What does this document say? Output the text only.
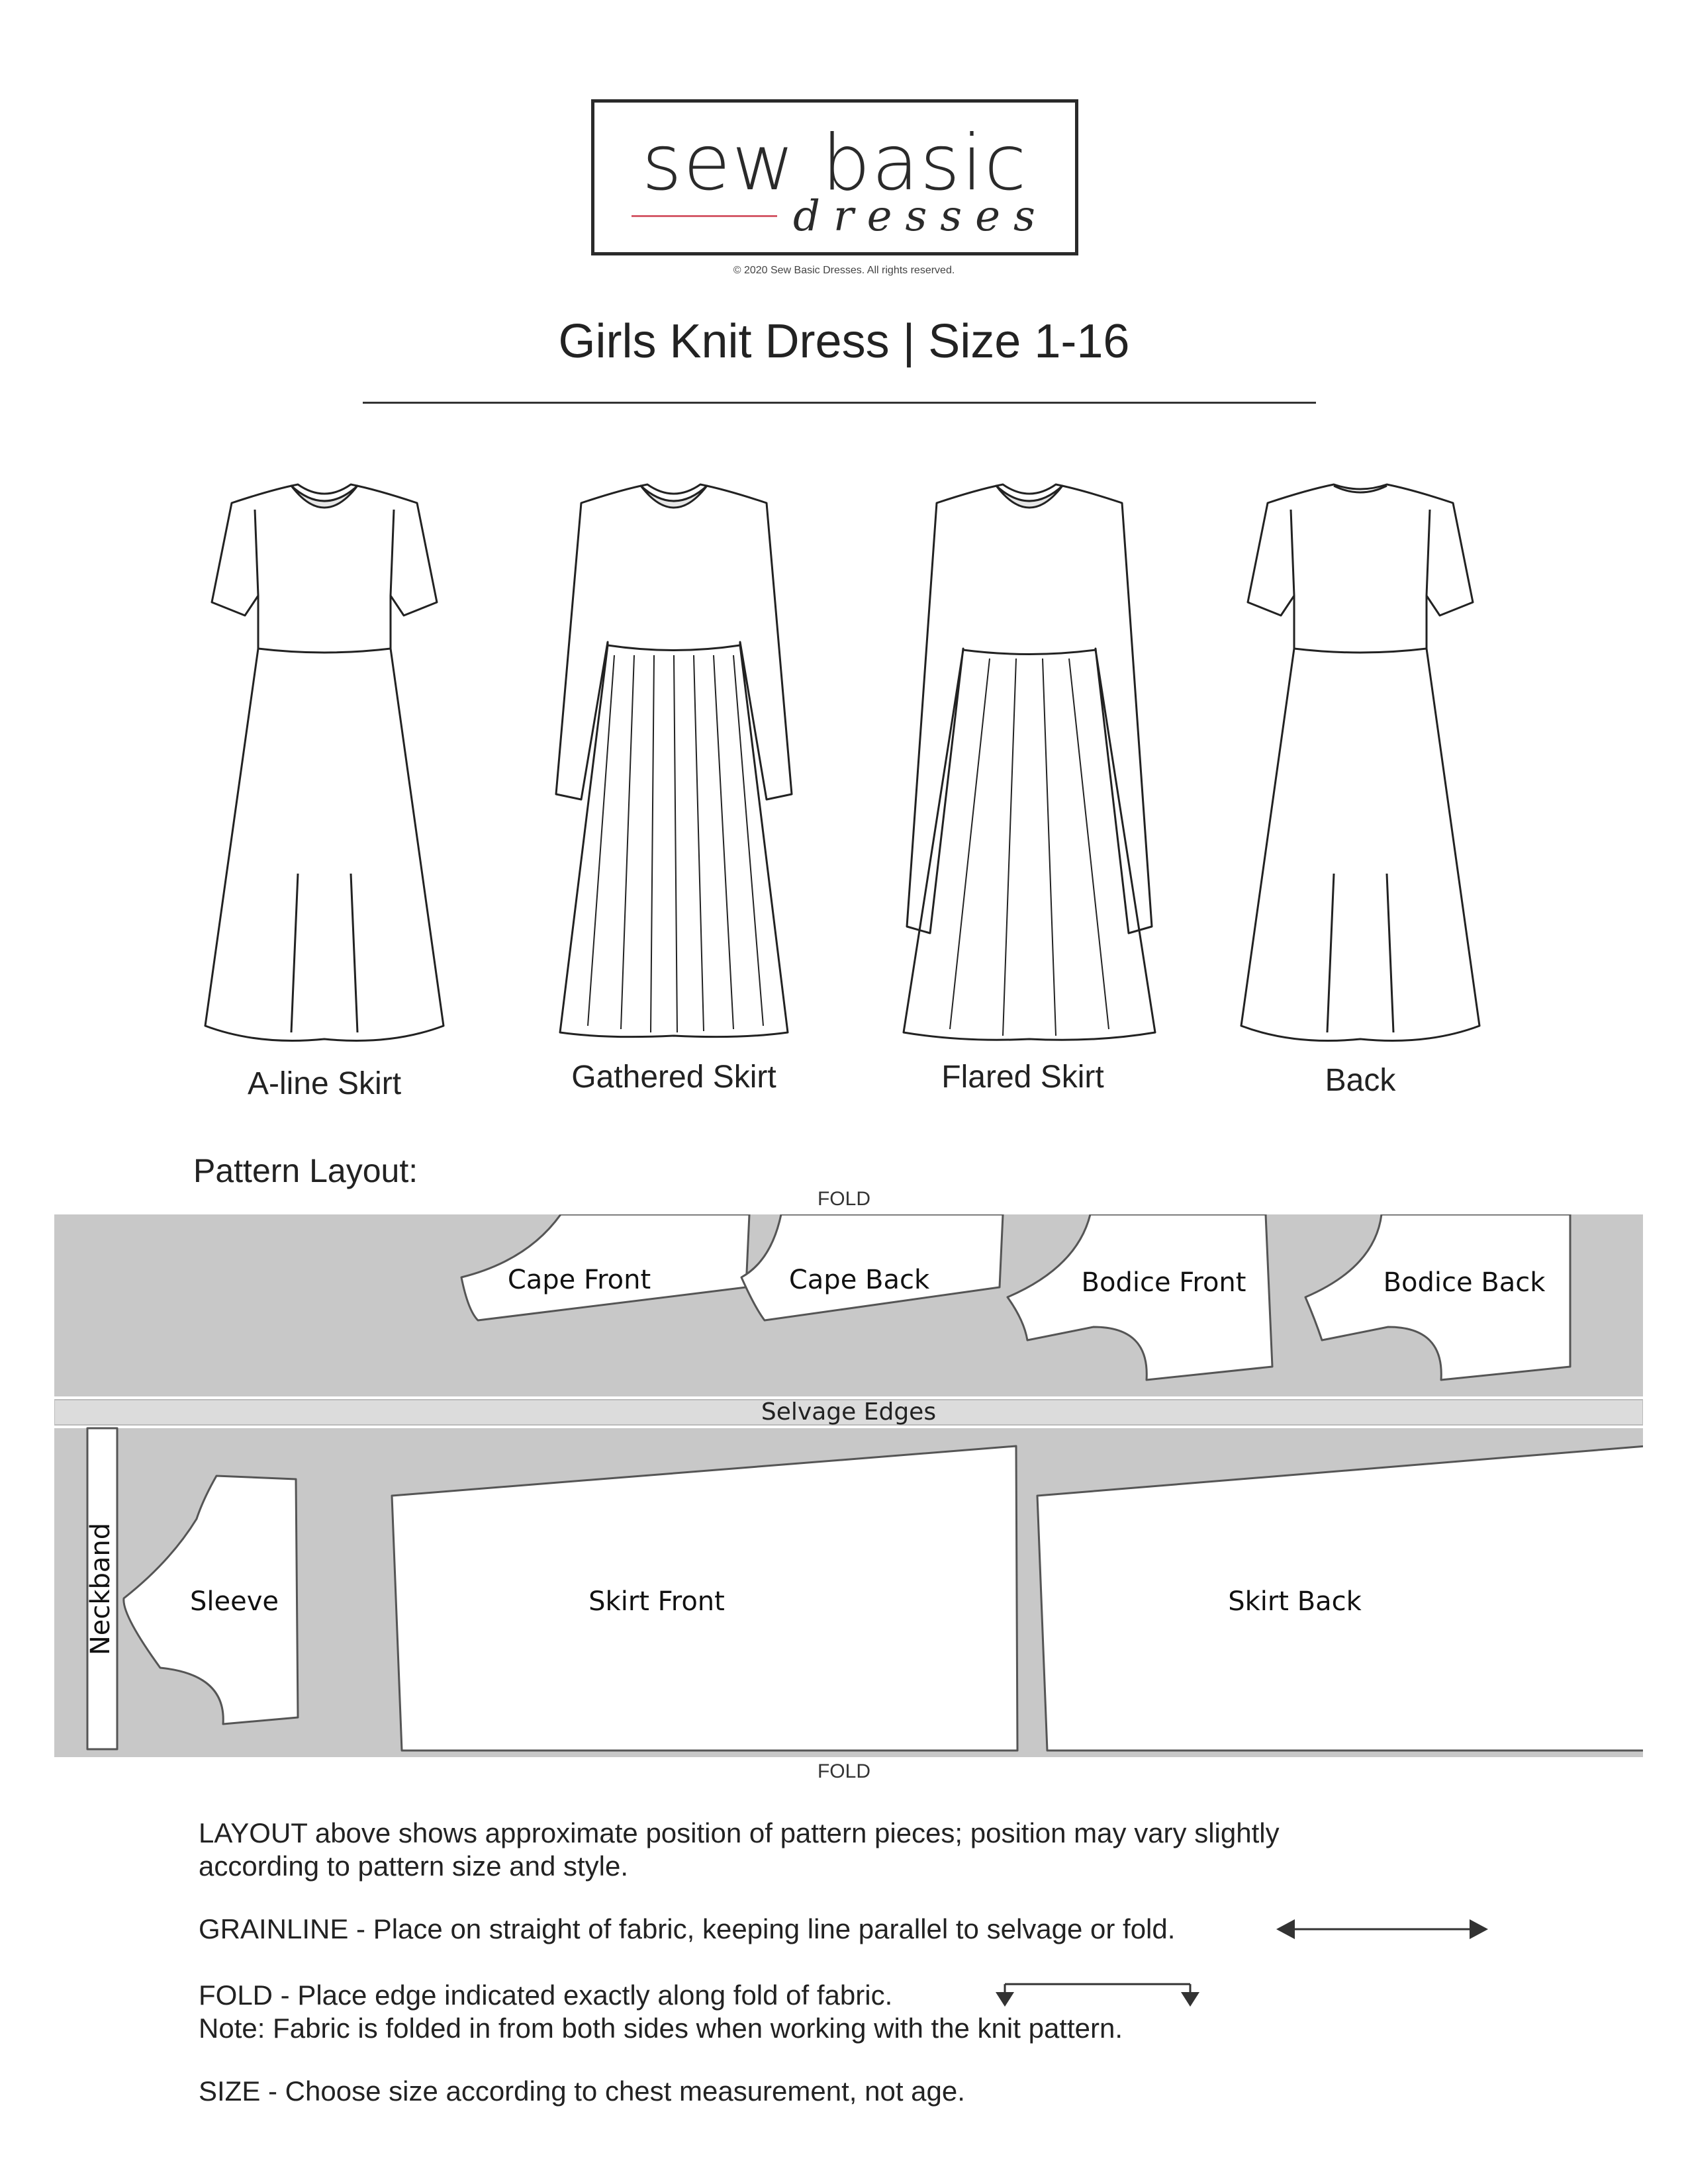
sew basic
dresses
© 2020 Sew Basic Dresses. All rights reserved.
Girls Knit Dress | Size 1-16
A-line Skirt	Gathered Skirt	Flared Skirt	Back
Pattern Layout:
FOLD
Selvage Edges
Cape Front	Cape Back	Bodice Front	Bodice Back
Sleeve	Skirt Front	Skirt Back
Neckband
FOLD
LAYOUT above shows approximate position of pattern pieces; position may vary slightly
according to pattern size and style.
GRAINLINE - Place on straight of fabric, keeping line parallel to selvage or fold.
FOLD - Place edge indicated exactly along fold of fabric.
Note: Fabric is folded in from both sides when working with the knit pattern.
SIZE - Choose size according to chest measurement, not age.
